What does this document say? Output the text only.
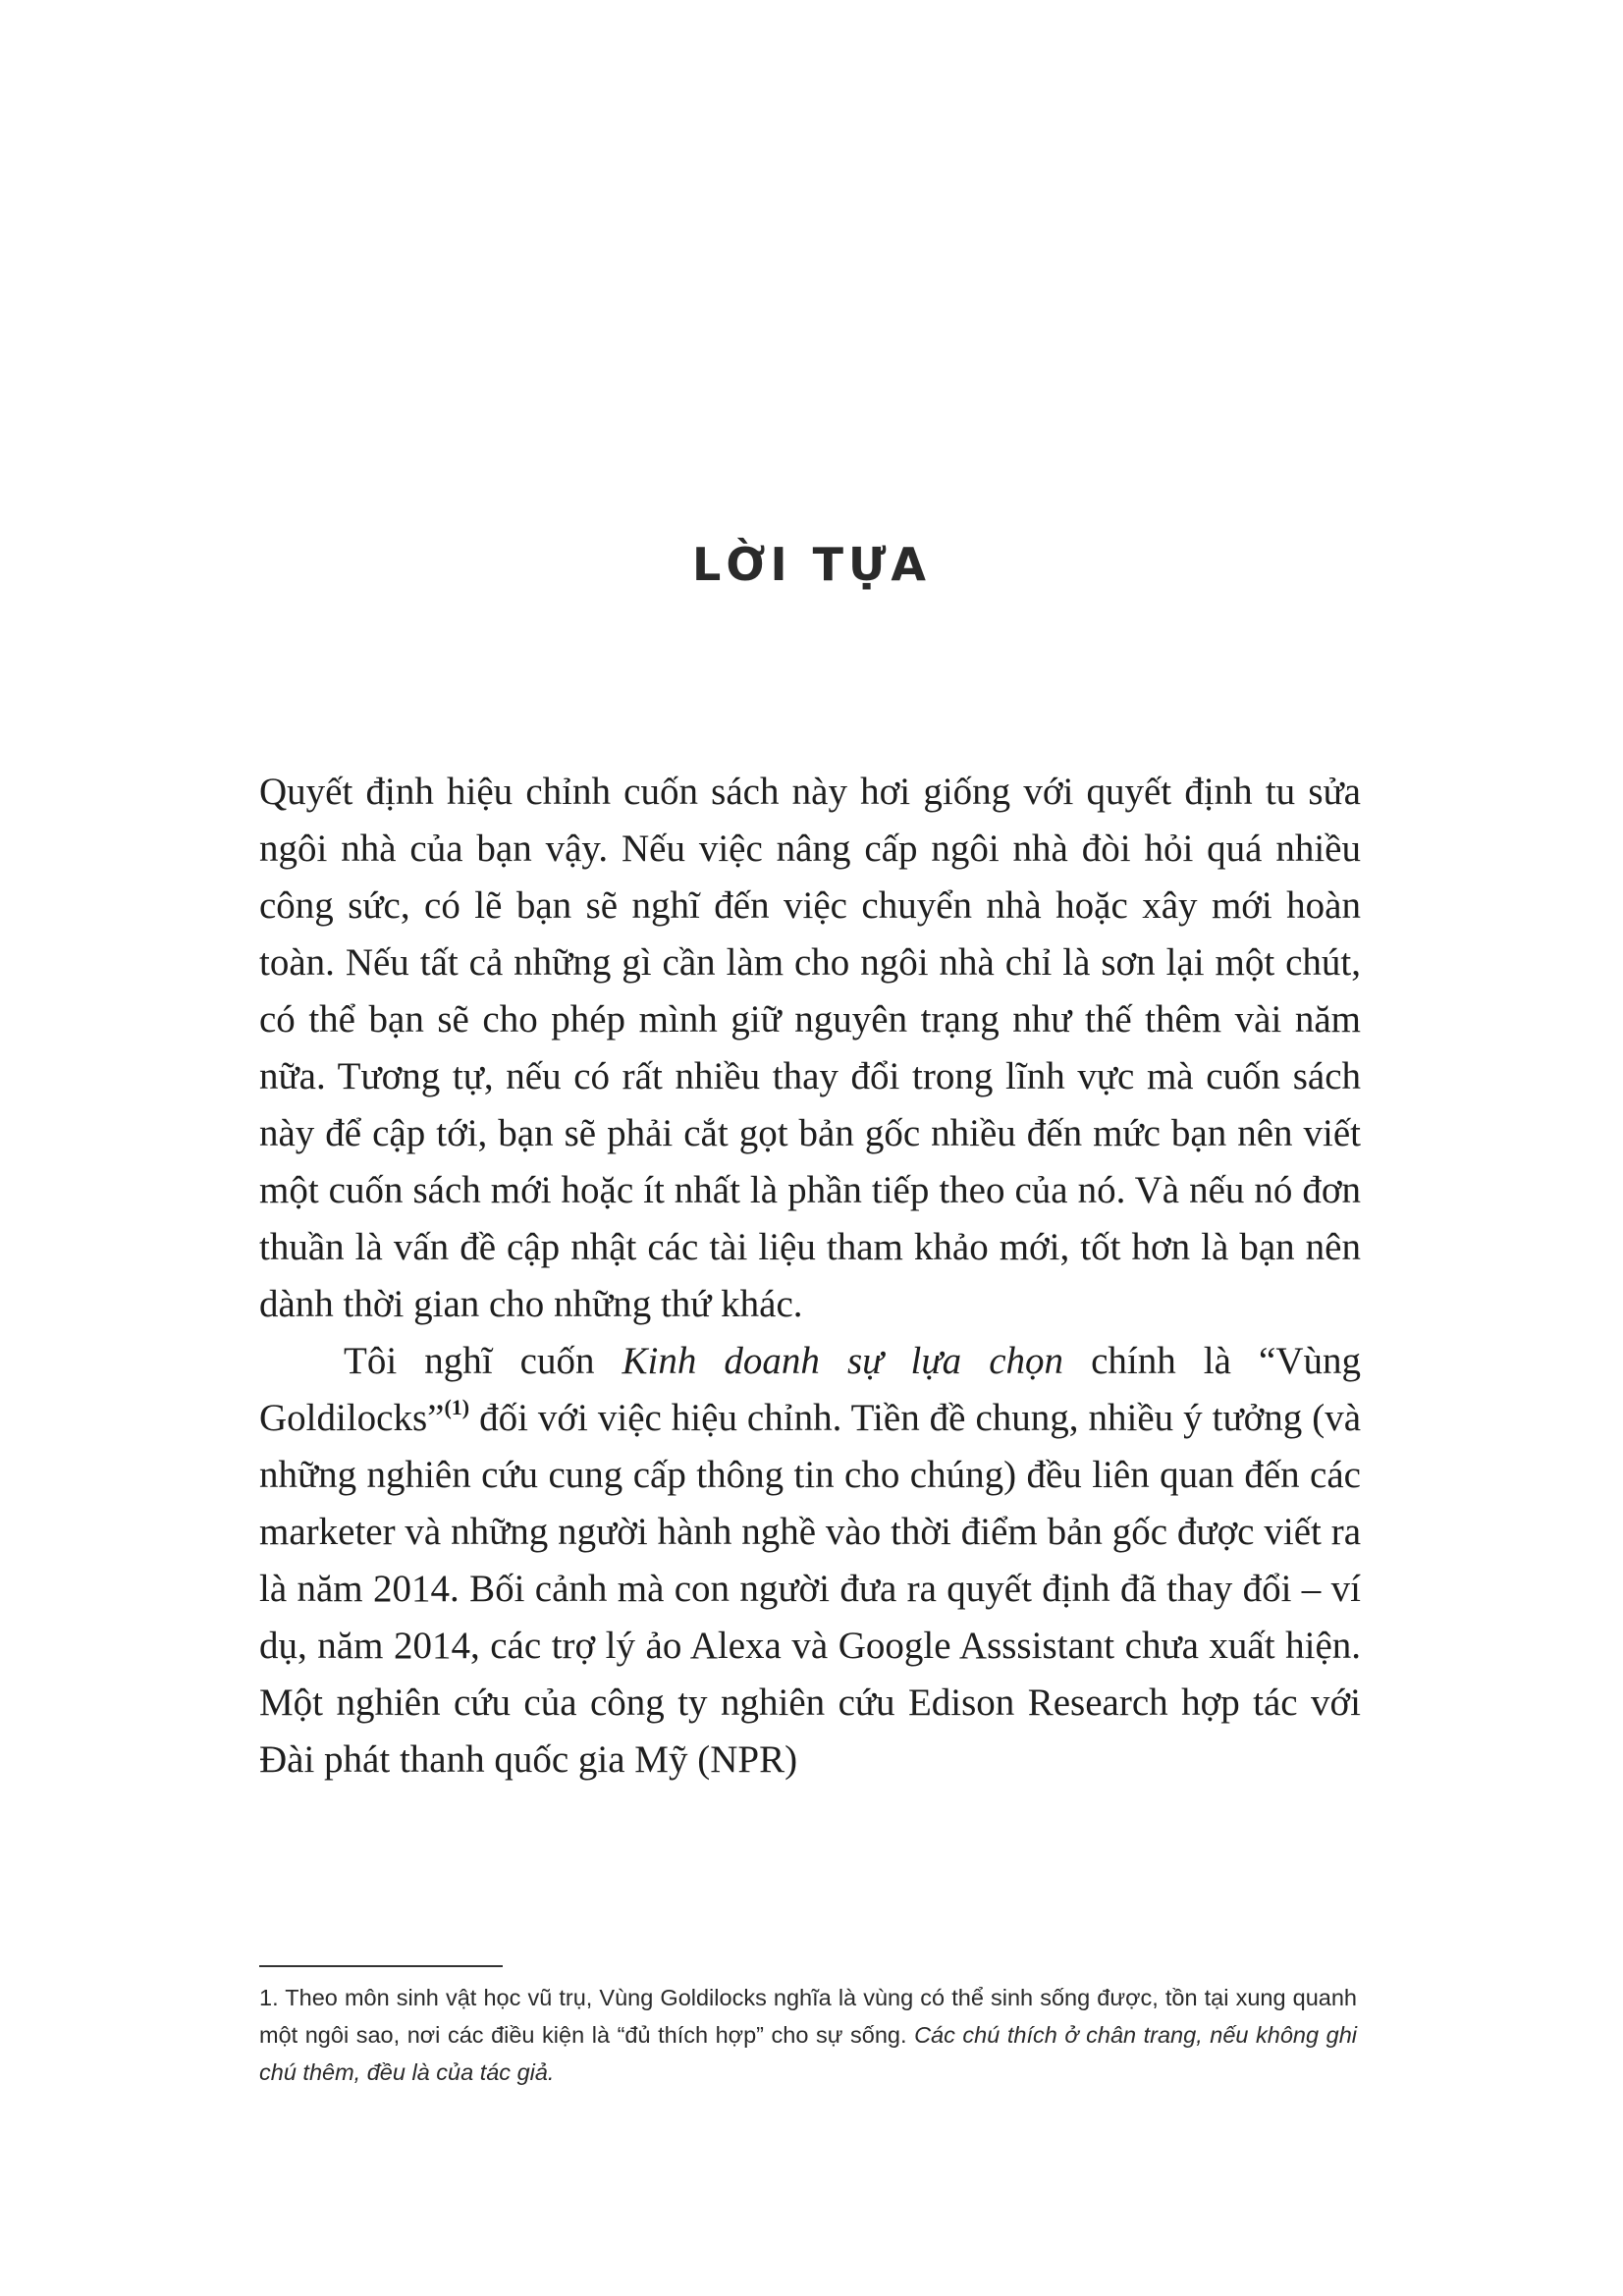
LỜI TỰA

Quyết định hiệu chỉnh cuốn sách này hơi giống với quyết định tu sửa ngôi nhà của bạn vậy. Nếu việc nâng cấp ngôi nhà đòi hỏi quá nhiều công sức, có lẽ bạn sẽ nghĩ đến việc chuyển nhà hoặc xây mới hoàn toàn. Nếu tất cả những gì cần làm cho ngôi nhà chỉ là sơn lại một chút, có thể bạn sẽ cho phép mình giữ nguyên trạng như thế thêm vài năm nữa. Tương tự, nếu có rất nhiều thay đổi trong lĩnh vực mà cuốn sách này để cập tới, bạn sẽ phải cắt gọt bản gốc nhiều đến mức bạn nên viết một cuốn sách mới hoặc ít nhất là phần tiếp theo của nó. Và nếu nó đơn thuần là vấn đề cập nhật các tài liệu tham khảo mới, tốt hơn là bạn nên dành thời gian cho những thứ khác.

Tôi nghĩ cuốn Kinh doanh sự lựa chọn chính là “Vùng Goldilocks”$^{(1)}$ đối với việc hiệu chỉnh. Tiền đề chung, nhiều ý tưởng (và những nghiên cứu cung cấp thông tin cho chúng) đều liên quan đến các marketer và những người hành nghề vào thời điểm bản gốc được viết ra là năm 2014. Bối cảnh mà con người đưa ra quyết định đã thay đổi – ví dụ, năm 2014, các trợ lý ảo Alexa và Google Asssistant chưa xuất hiện. Một nghiên cứu của công ty nghiên cứu Edison Research hợp tác với Đài phát thanh quốc gia Mỹ (NPR)

1. Theo môn sinh vật học vũ trụ, Vùng Goldilocks nghĩa là vùng có thể sinh sống được, tồn tại xung quanh một ngôi sao, nơi các điều kiện là “đủ thích hợp” cho sự sống. Các chú thích ở chân trang, nếu không ghi chú thêm, đều là của tác giả.
